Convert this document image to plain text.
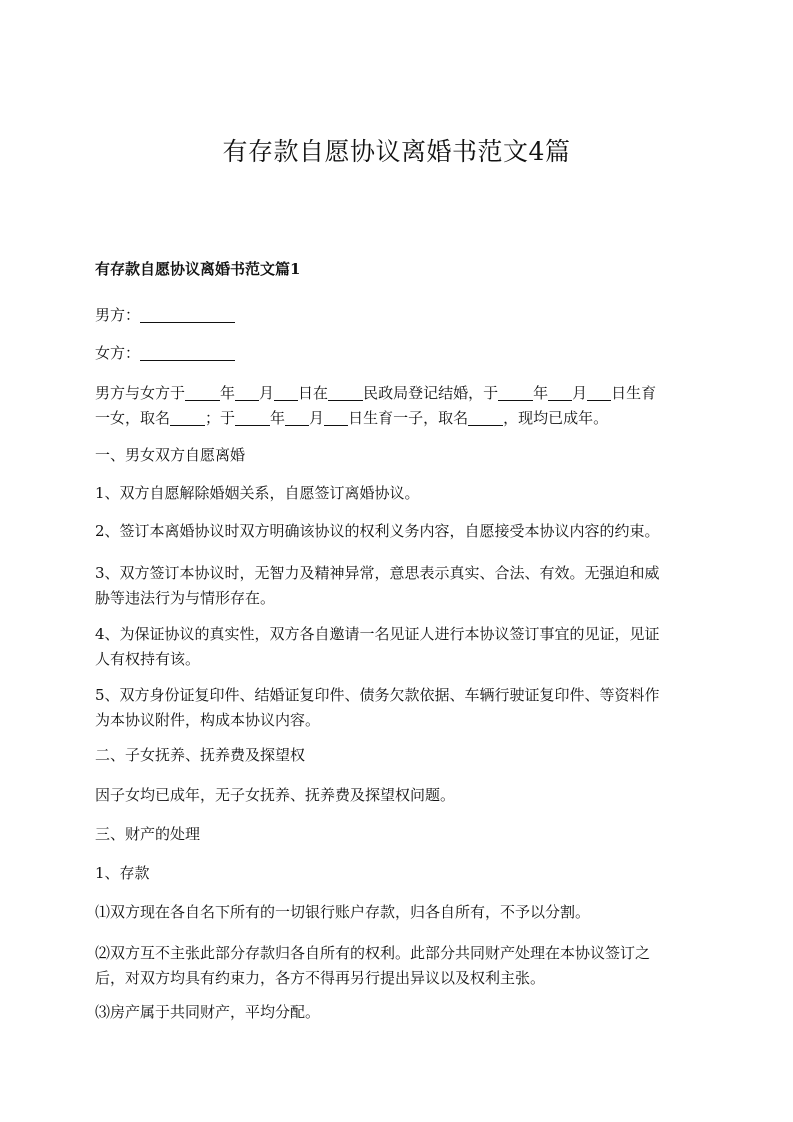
有存款自愿协议离婚书范文4篇
有存款自愿协议离婚书范文篇1
男方：
女方：
男方与女方于 年 月 日在 民政局登记结婚，于 年 月 日生育
一女，取名 ；于 年 月 日生育一子，取名 ，现均已成年。
一、男女双方自愿离婚
1、双方自愿解除婚姻关系，自愿签订离婚协议。
2、签订本离婚协议时双方明确该协议的权利义务内容，自愿接受本协议内容的约束。
3、双方签订本协议时，无智力及精神异常，意思表示真实、合法、有效。无强迫和威
胁等违法行为与情形存在。
4、为保证协议的真实性，双方各自邀请一名见证人进行本协议签订事宜的见证，见证
人有权持有该。
5、双方身份证复印件、结婚证复印件、债务欠款依据、车辆行驶证复印件、等资料作
为本协议附件，构成本协议内容。
二、子女抚养、抚养费及探望权
因子女均已成年，无子女抚养、抚养费及探望权问题。
三、财产的处理
1、存款
⑴双方现在各自名下所有的一切银行账户存款，归各自所有，不予以分割。
⑵双方互不主张此部分存款归各自所有的权利。此部分共同财产处理在本协议签订之
后，对双方均具有约束力，各方不得再另行提出异议以及权利主张。
⑶房产属于共同财产，平均分配。
